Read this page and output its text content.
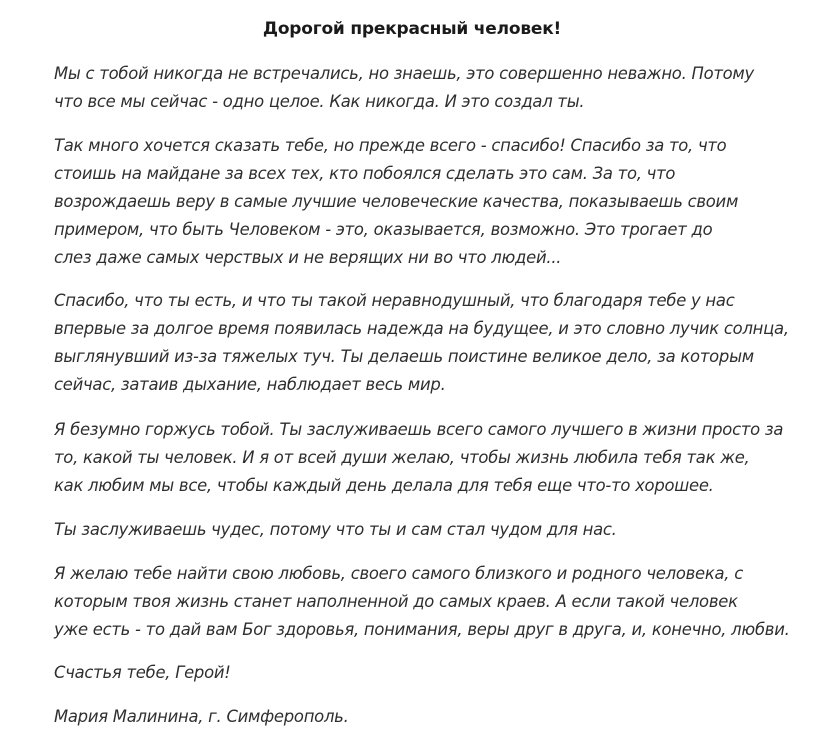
Дорогой прекрасный человек!

Мы с тобой никогда не встречались, но знаешь, это совершенно неважно. Потому
что все мы сейчас - одно целое. Как никогда. И это создал ты.

Так много хочется сказать тебе, но прежде всего - спасибо! Спасибо за то, что
стоишь на майдане за всех тех, кто побоялся сделать это сам. За то, что
возрождаешь веру в самые лучшие человеческие качества, показываешь своим
примером, что быть Человеком - это, оказывается, возможно. Это трогает до
слез даже самых черствых и не верящих ни во что людей...

Спасибо, что ты есть, и что ты такой неравнодушный, что благодаря тебе у нас
впервые за долгое время появилась надежда на будущее, и это словно лучик солнца,
выглянувший из-за тяжелых туч. Ты делаешь поистине великое дело, за которым
сейчас, затаив дыхание, наблюдает весь мир.

Я безумно горжусь тобой. Ты заслуживаешь всего самого лучшего в жизни просто за
то, какой ты человек. И я от всей души желаю, чтобы жизнь любила тебя так же,
как любим мы все, чтобы каждый день делала для тебя еще что-то хорошее.

Ты заслуживаешь чудес, потому что ты и сам стал чудом для нас.

Я желаю тебе найти свою любовь, своего самого близкого и родного человека, с
которым твоя жизнь станет наполненной до самых краев. А если такой человек
уже есть - то дай вам Бог здоровья, понимания, веры друг в друга, и, конечно, любви.

Счастья тебе, Герой!

Мария Малинина, г. Симферополь.
